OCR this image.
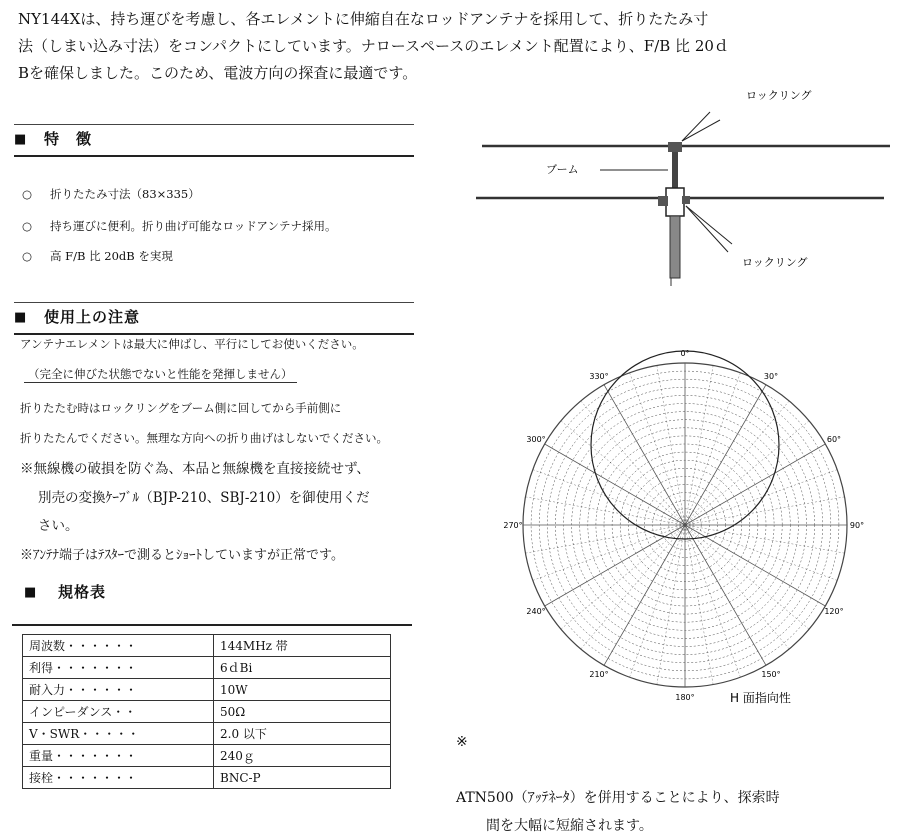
NY144Xは、持ち運びを考慮し、各エレメントに伸縮自在なロッドアンテナを採用して、折りたたみ寸
法（しまい込み寸法）をコンパクトにしています。ナロースペースのエレメント配置により、F/B 比 20ｄ
Bを確保しました。このため、電波方向の探査に最適です。
■ 特　徴
○ 折りたたみ寸法（83×335）
○ 持ち運びに便利。折り曲げ可能なロッドアンテナ採用。
○ 高 F/B 比 20dB を実現
■ 使用上の注意
アンテナエレメントは最大に伸ばし、平行にしてお使いください。
（完全に伸びた状態でないと性能を発揮しません）
折りたたむ時はロックリングをブーム側に回してから手前側に
折りたたんでください。無理な方向への折り曲げはしないでください。
※無線機の破損を防ぐ為、本品と無線機を直接接続せず、
別売の変換ｹｰﾌﾞﾙ（BJP-210、SBJ-210）を御使用くだ
さい。
※ｱﾝﾃﾅ端子はﾃｽﾀｰで測るとｼｮｰﾄしていますが正常です。
■ 規格表
周波数・・・・・・	144MHz 帯
利得・・・・・・・	6ｄBi
耐入力・・・・・・	10W
インピーダンス・・	50Ω
V・SWR・・・・・	2.0 以下
重量・・・・・・・	240ｇ
接栓・・・・・・・	BNC-P
ロックリング
ブーム
ロックリング
0°
30°
60°
90°
120°
150°
180°
210°
240°
270°
300°
330°
H 面指向性
※

ATN500（ｱｯﾃﾈｰﾀ）を併用することにより、探索時
間を大幅に短縮されます。
